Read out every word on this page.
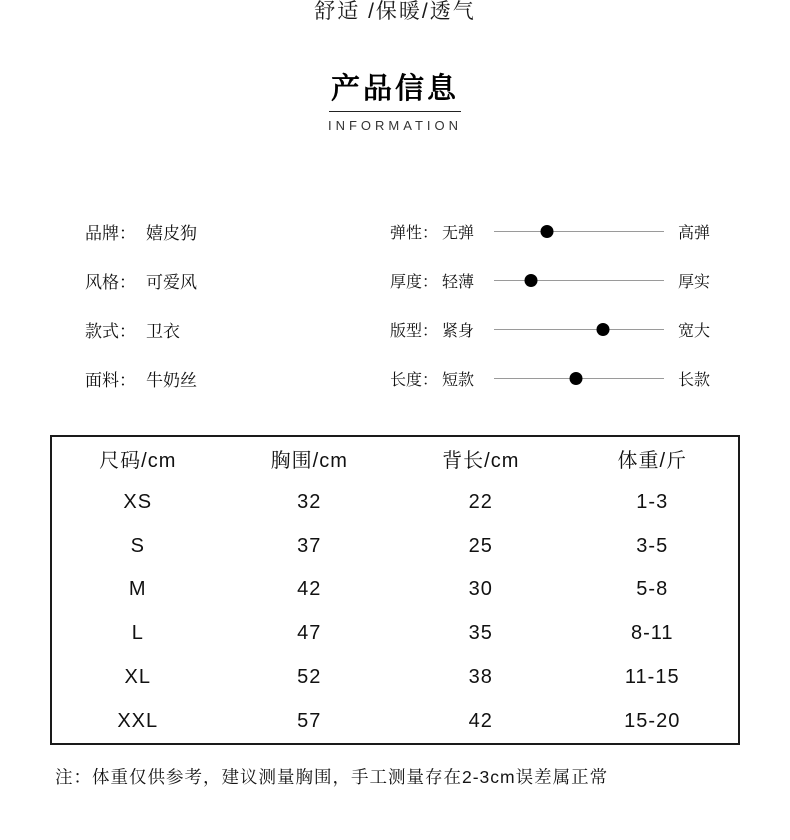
舒适 /保暖/透气
产品信息
INFORMATION
品牌： 嬉皮狗
风格： 可爱风
款式： 卫衣
面料： 牛奶丝
弹性： 无弹	高弹
厚度： 轻薄	厚实
版型： 紧身	宽大
长度： 短款	长款
尺码/cm	胸围/cm	背长/cm	体重/斤
XS	32	22	1-3
S	37	25	3-5
M	42	30	5-8
L	47	35	8-11
XL	52	38	11-15
XXL	57	42	15-20
注：体重仅供参考，建议测量胸围，手工测量存在2-3cm误差属正常
